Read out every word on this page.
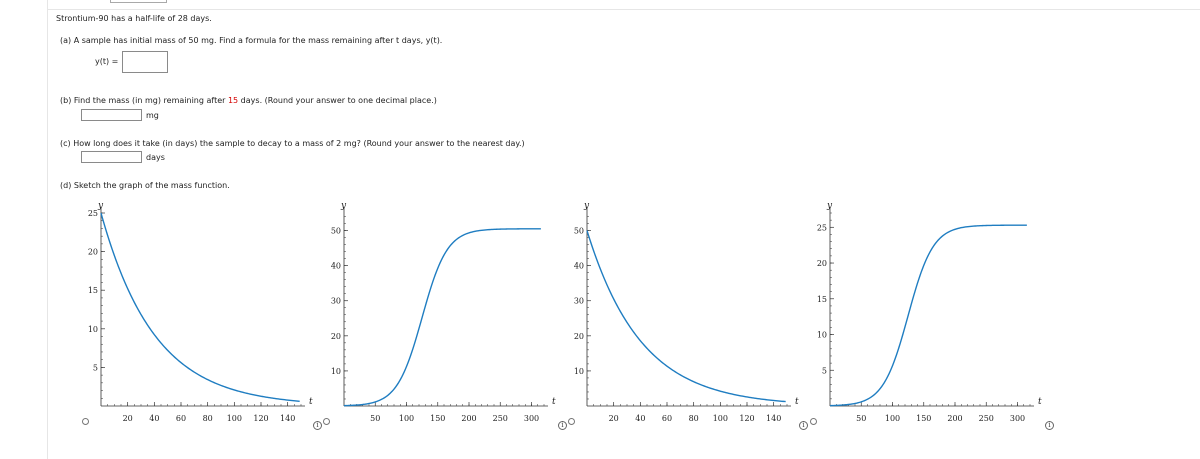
Strontium-90 has a half-life of 28 days.
(a) A sample has initial mass of 50 mg. Find a formula for the mass remaining after t days, y(t).
y(t) =
(b) Find the mass (in mg) remaining after 15 days. (Round your answer to one decimal place.)
mg
(c) How long does it take (in days) the sample to decay to a mass of 2 mg? (Round your answer to the nearest day.)
days
(d) Sketch the graph of the mass function.
20 40 60 80 100 120 140
5
10
15
20
25
t
y
i
50 100 150 200 250 300
10
20
30
40
50
t
y
i
20 40 60 80 100 120 140
10
20
30
40
50
t
y
i
50 100 150 200 250 300
5
10
15
20
25
t
y
i
